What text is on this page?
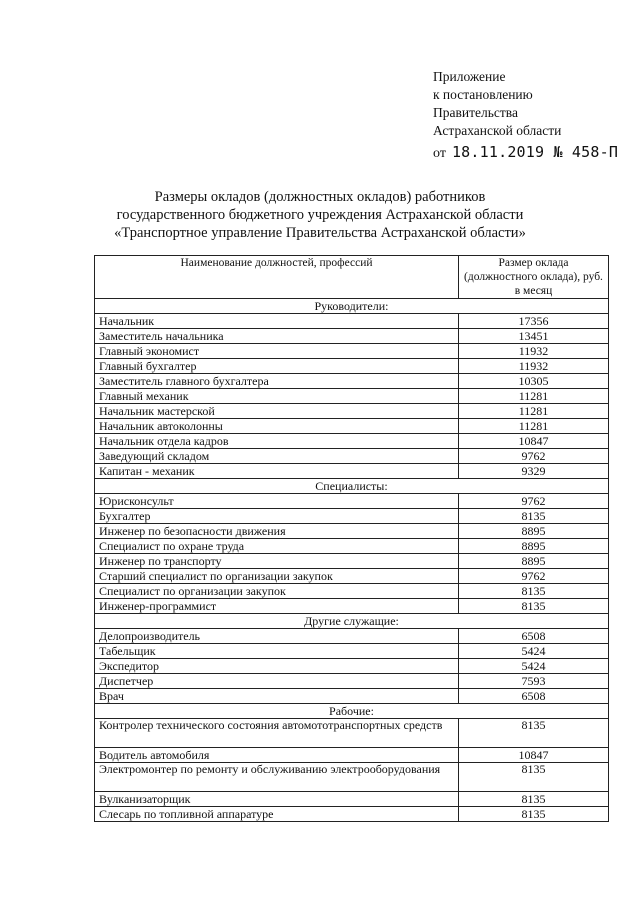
Приложение
к постановлению
Правительства
Астраханской области
от 18.11.2019 № 458-П
Размеры окладов (должностных окладов) работников
государственного бюджетного учреждения Астраханской области
«Транспортное управление Правительства Астраханской области»
Наименование должностей, профессий	Размер оклада (должностного оклада), руб. в месяц
Руководители:	
Начальник	17356
Заместитель начальника	13451
Главный экономист	11932
Главный бухгалтер	11932
Заместитель главного бухгалтера	10305
Главный механик	11281
Начальник мастерской	11281
Начальник автоколонны	11281
Начальник отдела кадров	10847
Заведующий складом	9762
Капитан - механик	9329
Специалисты:	
Юрисконсульт	9762
Бухгалтер	8135
Инженер по безопасности движения	8895
Специалист по охране труда	8895
Инженер по транспорту	8895
Старший специалист по организации закупок	9762
Специалист по организации закупок	8135
Инженер-программист	8135
Другие служащие:	
Делопроизводитель	6508
Табельщик	5424
Экспедитор	5424
Диспетчер	7593
Врач	6508
Рабочие:	
Контролер технического состояния автомототранспортных средств	8135
Водитель автомобиля	10847
Электромонтер по ремонту и обслуживанию электрооборудования	8135
Вулканизаторщик	8135
Слесарь по топливной аппаратуре	8135
